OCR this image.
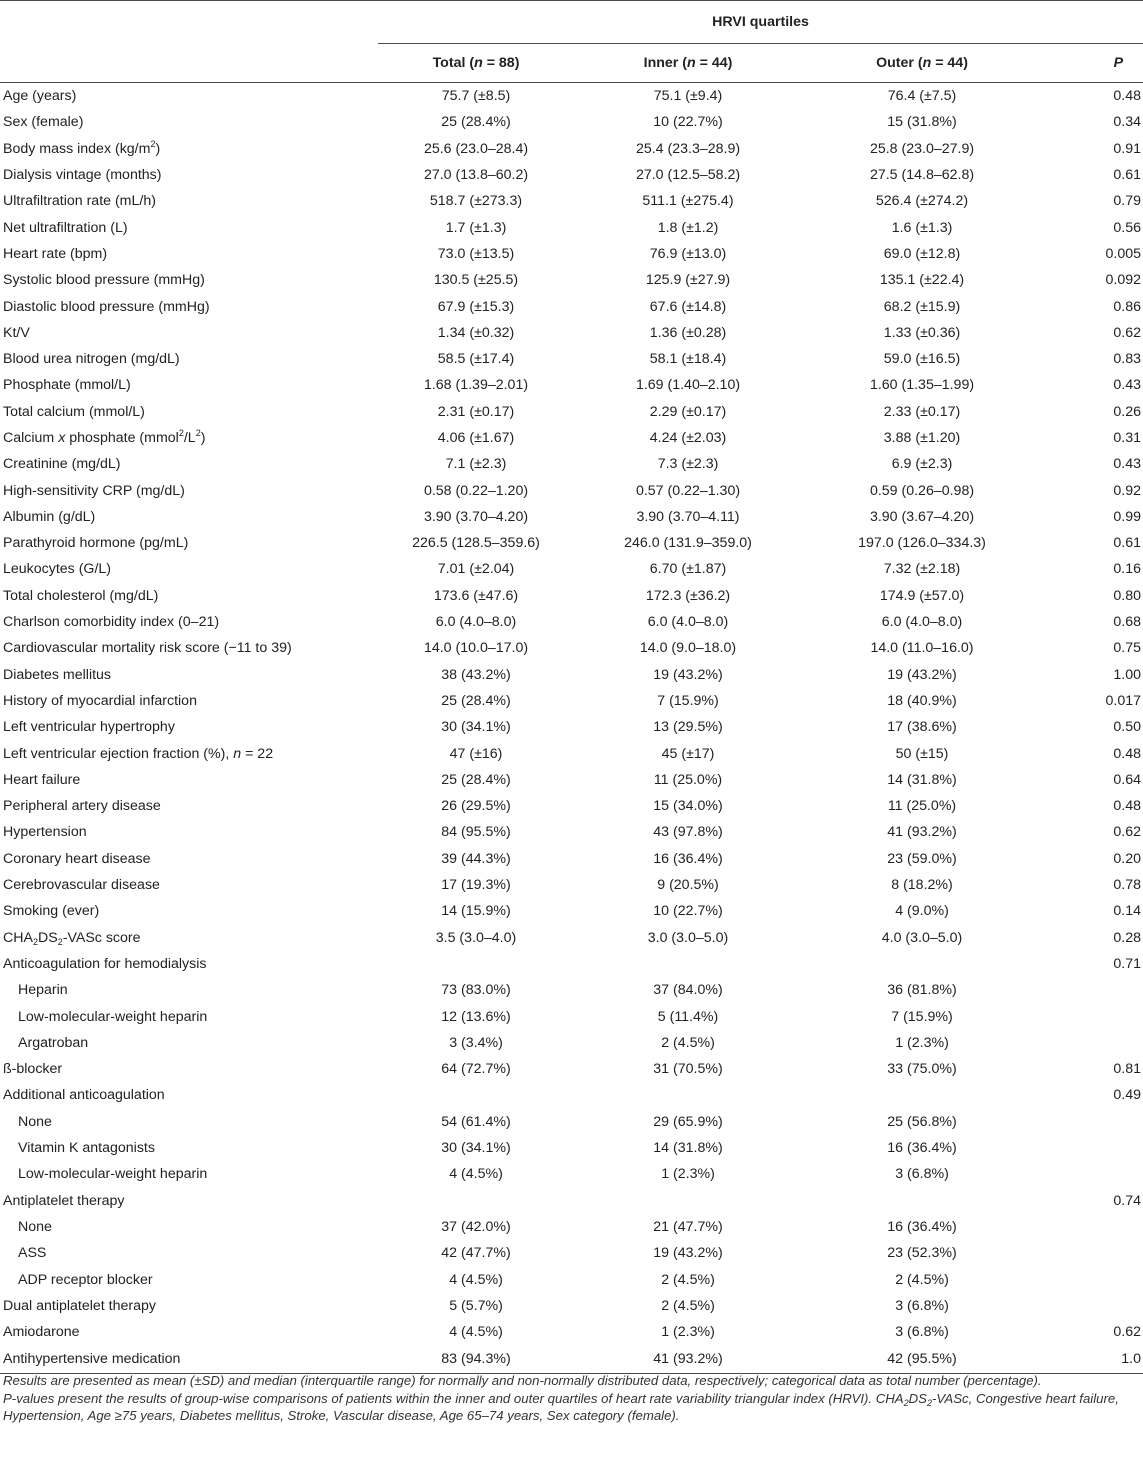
	HRVI quartiles			
	Total (n = 88)	Inner (n = 44)	Outer (n = 44)	P
Age (years)	75.7 (±8.5)	75.1 (±9.4)	76.4 (±7.5)	0.48
Sex (female)	25 (28.4%)	10 (22.7%)	15 (31.8%)	0.34
Body mass index $(kg/m^2)$	25.6 (23.0–28.4)	25.4 (23.3–28.9)	25.8 (23.0–27.9)	0.91
Dialysis vintage (months)	27.0 (13.8–60.2)	27.0 (12.5–58.2)	27.5 (14.8–62.8)	0.61
Ultrafiltration rate (mL/h)	518.7 (±273.3)	511.1 (±275.4)	526.4 (±274.2)	0.79
Net ultrafiltration (L)	1.7 (±1.3)	1.8 (±1.2)	1.6 (±1.3)	0.56
Heart rate (bpm)	73.0 (±13.5)	76.9 (±13.0)	69.0 (±12.8)	0.005
Systolic blood pressure (mmHg)	130.5 (±25.5)	125.9 (±27.9)	135.1 (±22.4)	0.092
Diastolic blood pressure (mmHg)	67.9 (±15.3)	67.6 (±14.8)	68.2 (±15.9)	0.86
Kt/V	1.34 (±0.32)	1.36 (±0.28)	1.33 (±0.36)	0.62
Blood urea nitrogen (mg/dL)	58.5 (±17.4)	58.1 (±18.4)	59.0 (±16.5)	0.83
Phosphate (mmol/L)	1.68 (1.39–2.01)	1.69 (1.40–2.10)	1.60 (1.35–1.99)	0.43
Total calcium (mmol/L)	2.31 (±0.17)	2.29 (±0.17)	2.33 (±0.17)	0.26
Calcium x phosphate $(mmol^2/L^2)$	4.06 (±1.67)	4.24 (±2.03)	3.88 (±1.20)	0.31
Creatinine (mg/dL)	7.1 (±2.3)	7.3 (±2.3)	6.9 (±2.3)	0.43
High-sensitivity CRP (mg/dL)	0.58 (0.22–1.20)	0.57 (0.22–1.30)	0.59 (0.26–0.98)	0.92
Albumin (g/dL)	3.90 (3.70–4.20)	3.90 (3.70–4.11)	3.90 (3.67–4.20)	0.99
Parathyroid hormone (pg/mL)	226.5 (128.5–359.6)	246.0 (131.9–359.0)	197.0 (126.0–334.3)	0.61
Leukocytes (G/L)	7.01 (±2.04)	6.70 (±1.87)	7.32 (±2.18)	0.16
Total cholesterol (mg/dL)	173.6 (±47.6)	172.3 (±36.2)	174.9 (±57.0)	0.80
Charlson comorbidity index (0–21)	6.0 (4.0–8.0)	6.0 (4.0–8.0)	6.0 (4.0–8.0)	0.68
Cardiovascular mortality risk score (−11 to 39)	14.0 (10.0–17.0)	14.0 (9.0–18.0)	14.0 (11.0–16.0)	0.75
Diabetes mellitus	38 (43.2%)	19 (43.2%)	19 (43.2%)	1.00
History of myocardial infarction	25 (28.4%)	7 (15.9%)	18 (40.9%)	0.017
Left ventricular hypertrophy	30 (34.1%)	13 (29.5%)	17 (38.6%)	0.50
Left ventricular ejection fraction (%), n = 22	47 (±16)	45 (±17)	50 (±15)	0.48
Heart failure	25 (28.4%)	11 (25.0%)	14 (31.8%)	0.64
Peripheral artery disease	26 (29.5%)	15 (34.0%)	11 (25.0%)	0.48
Hypertension	84 (95.5%)	43 (97.8%)	41 (93.2%)	0.62
Coronary heart disease	39 (44.3%)	16 (36.4%)	23 (59.0%)	0.20
Cerebrovascular disease	17 (19.3%)	9 (20.5%)	8 (18.2%)	0.78
Smoking (ever)	14 (15.9%)	10 (22.7%)	4 (9.0%)	0.14
$CHA_2DS_2$-VASc score	3.5 (3.0–4.0)	3.0 (3.0–5.0)	4.0 (3.0–5.0)	0.28
Anticoagulation for hemodialysis				0.71
Heparin	73 (83.0%)	37 (84.0%)	36 (81.8%)	
Low-molecular-weight heparin	12 (13.6%)	5 (11.4%)	7 (15.9%)	
Argatroban	3 (3.4%)	2 (4.5%)	1 (2.3%)	
ß-blocker	64 (72.7%)	31 (70.5%)	33 (75.0%)	0.81
Additional anticoagulation				0.49
None	54 (61.4%)	29 (65.9%)	25 (56.8%)	
Vitamin K antagonists	30 (34.1%)	14 (31.8%)	16 (36.4%)	
Low-molecular-weight heparin	4 (4.5%)	1 (2.3%)	3 (6.8%)	
Antiplatelet therapy				0.74
None	37 (42.0%)	21 (47.7%)	16 (36.4%)	
ASS	42 (47.7%)	19 (43.2%)	23 (52.3%)	
ADP receptor blocker	4 (4.5%)	2 (4.5%)	2 (4.5%)	
Dual antiplatelet therapy	5 (5.7%)	2 (4.5%)	3 (6.8%)	
Amiodarone	4 (4.5%)	1 (2.3%)	3 (6.8%)	0.62
Antihypertensive medication	83 (94.3%)	41 (93.2%)	42 (95.5%)	1.0

Results are presented as mean (±SD) and median (interquartile range) for normally and non-normally distributed data, respectively; categorical data as total number (percentage).

P-values present the results of group-wise comparisons of patients within the inner and outer quartiles of heart rate variability triangular index (HRVI). $CHA_2DS_2$-VASc, Congestive heart failure, Hypertension, Age ≥75 years, Diabetes mellitus, Stroke, Vascular disease, Age 65–74 years, Sex category (female).
